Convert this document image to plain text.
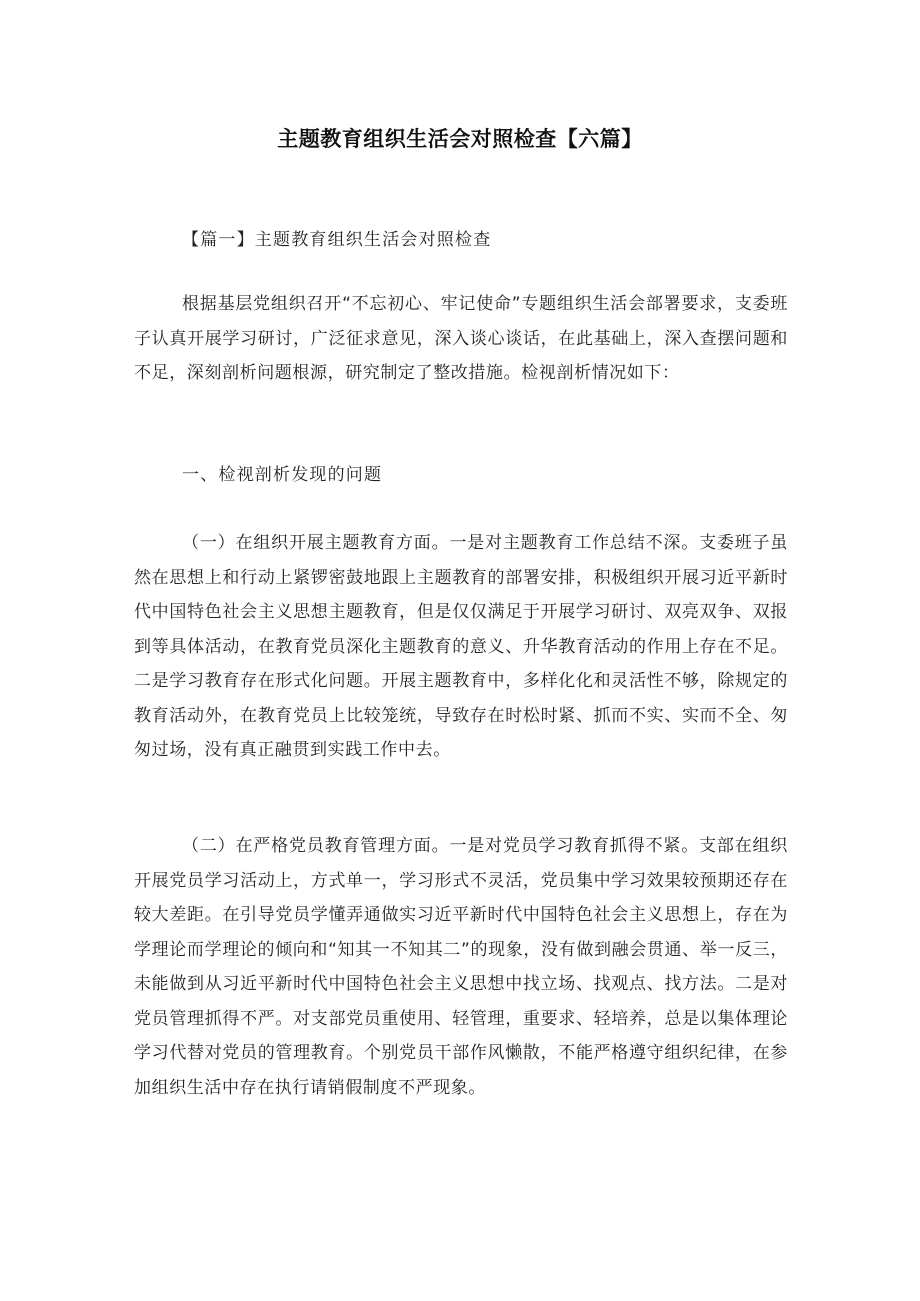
主题教育组织生活会对照检查【六篇】
【篇一】主题教育组织生活会对照检查

根据基层党组织召开“不忘初心、牢记使命”专题组织生活会部署要求，支委班子认真开展学习研讨，广泛征求意见，深入谈心谈话，在此基础上，深入查摆问题和不足，深刻剖析问题根源，研究制定了整改措施。检视剖析情况如下：

一、检视剖析发现的问题

（一）在组织开展主题教育方面。一是对主题教育工作总结不深。支委班子虽然在思想上和行动上紧锣密鼓地跟上主题教育的部署安排，积极组织开展习近平新时代中国特色社会主义思想主题教育，但是仅仅满足于开展学习研讨、双亮双争、双报到等具体活动，在教育党员深化主题教育的意义、升华教育活动的作用上存在不足。二是学习教育存在形式化问题。开展主题教育中，多样化化和灵活性不够，除规定的教育活动外，在教育党员上比较笼统，导致存在时松时紧、抓而不实、实而不全、匆匆过场，没有真正融贯到实践工作中去。

（二）在严格党员教育管理方面。一是对党员学习教育抓得不紧。支部在组织开展党员学习活动上，方式单一，学习形式不灵活，党员集中学习效果较预期还存在较大差距。在引导党员学懂弄通做实习近平新时代中国特色社会主义思想上，存在为学理论而学理论的倾向和“知其一不知其二”的现象，没有做到融会贯通、举一反三，未能做到从习近平新时代中国特色社会主义思想中找立场、找观点、找方法。二是对党员管理抓得不严。对支部党员重使用、轻管理，重要求、轻培养，总是以集体理论学习代替对党员的管理教育。个别党员干部作风懒散，不能严格遵守组织纪律，在参加组织生活中存在执行请销假制度不严现象。
